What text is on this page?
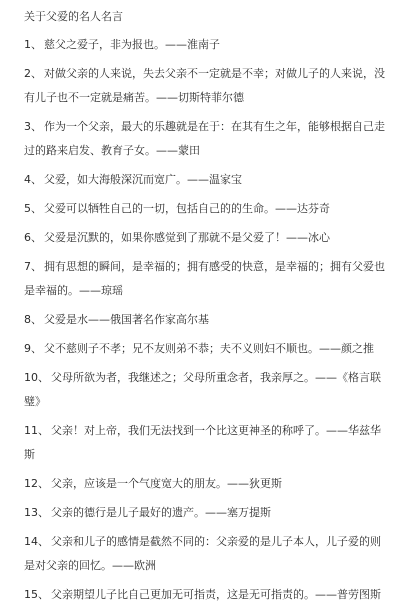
关于父爱的名人名言

1、 慈父之爱子，非为报也。——淮南子

2、 对做父亲的人来说，失去父亲不一定就是不幸；对做儿子的人来说，没有儿子也不一定就是痛苦。——切斯特菲尔德

3、 作为一个父亲，最大的乐趣就是在于：在其有生之年，能够根据自己走过的路来启发、教育子女。——蒙田

4、 父爱，如大海般深沉而宽广。——温家宝

5、 父爱可以牺牲自己的一切，包括自己的的生命。——达芬奇

6、 父爱是沉默的，如果你感觉到了那就不是父爱了！——冰心

7、 拥有思想的瞬间，是幸福的；拥有感受的快意，是幸福的；拥有父爱也是幸福的。——琼瑶

8、 父爱是水——俄国著名作家高尔基

9、 父不慈则子不孝；兄不友则弟不恭；夫不义则妇不顺也。——颜之推

10、 父母所欲为者，我继述之；父母所重念者，我亲厚之。——《格言联璧》

11、 父亲！对上帝，我们无法找到一个比这更神圣的称呼了。——华兹华斯

12、 父亲，应该是一个气度宽大的朋友。——狄更斯

13、 父亲的德行是儿子最好的遗产。——塞万提斯

14、 父亲和儿子的感情是截然不同的：父亲爱的是儿子本人，儿子爱的则是对父亲的回忆。——欧洲

15、 父亲期望儿子比自己更加无可指责，这是无可指责的。——普劳图斯
